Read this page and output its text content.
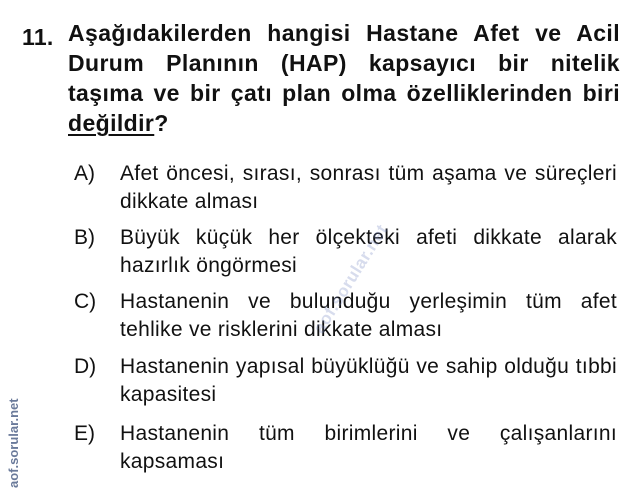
11. Aşağıdakilerden hangisi Hastane Afet ve Acil Durum Planının (HAP) kapsayıcı bir nitelik taşıma ve bir çatı plan olma özelliklerinden biri değildir?
A) Afet öncesi, sırası, sonrası tüm aşama ve süreçleri dikkate alması
B) Büyük küçük her ölçekteki afeti dikkate alarak hazırlık öngörmesi
C) Hastanenin ve bulunduğu yerleşimin tüm afet tehlike ve risklerini dikkate alması
D) Hastanenin yapısal büyüklüğü ve sahip olduğu tıbbi kapasitesi
E) Hastanenin tüm birimlerini ve çalışanlarını kapsaması
aof.sorular.net
aof.sorular.net
